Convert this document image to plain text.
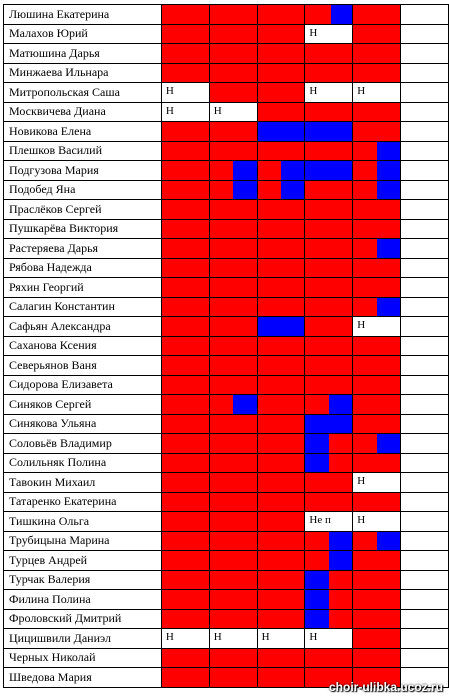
Люшина Екатерина				

Малахов Юрий				Н		

Матюшина Дарья						
Минжаева Ильнара						
Митропольская Саша	Н			Н	Н	

Москвичева Диана	Н	Н				

Новикова Елена						
Плешков Василий					

Подгузова Мария		

Подобед Яна		

Праслёков Сергей						
Пушкарёва Виктория						
Растеряева Дарья					

Рябова Надежда						
Ряхин Георгий						
Салагин Константин					

Сафьян Александра					Н	

Саханова Ксения						
Северьянов Ваня						
Сидорова Елизавета						
Синяков Сергей		

Синякова Ульяна						
Соловьёв Владимир				

Солильняк Полина				

Тавокин Михаил					Н	

Татаренко Екатерина						
Тишкина Ольга				Не п	Н	

Трубицына Марина				

Турцев Андрей				

Турчак Валерия				

Филина Полина				

Фроловский Дмитрий				

Цицишвили Даниэл	Н	Н	Н	Н		

Черных Николай						
Шведова Мария						
choir-ulibka.ucoz.ru
